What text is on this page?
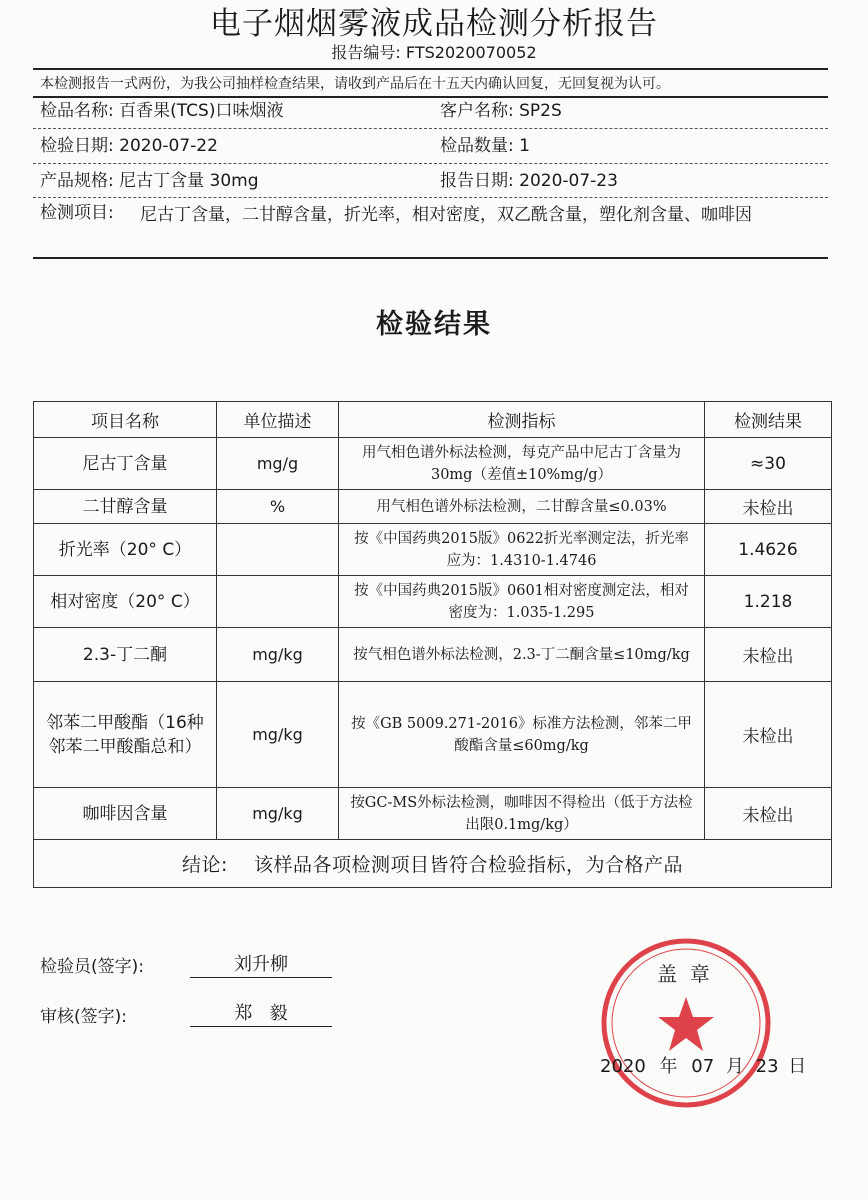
电子烟烟雾液成品检测分析报告
报告编号: FTS2020070052
本检测报告一式两份，为我公司抽样检查结果，请收到产品后在十五天内确认回复，无回复视为认可。
检品名称: 百香果(TCS)口味烟液	客户名称: SP2S
检验日期: 2020-07-22	检品数量: 1
产品规格: 尼古丁含量 30mg	报告日期: 2020-07-23
检测项目: 尼古丁含量，二甘醇含量，折光率，相对密度，双乙酰含量，塑化剂含量、咖啡因
检验结果
项目名称	单位描述	检测指标	检测结果
尼古丁含量	mg/g	用气相色谱外标法检测，每克产品中尼古丁含量为30mg（差值±10%mg/g）	≈30
二甘醇含量	%	用气相色谱外标法检测，二甘醇含量≤0.03%	未检出
折光率（20° C）		按《中国药典2015版》0622折光率测定法，折光率应为：1.4310-1.4746	1.4626
相对密度（20° C）		按《中国药典2015版》0601相对密度测定法，相对密度为：1.035-1.295	1.218
2.3-丁二酮	mg/kg	按气相色谱外标法检测，2.3-丁二酮含量≤10mg/kg	未检出
邻苯二甲酸酯（16种邻苯二甲酸酯总和）	mg/kg	按《GB 5009.271-2016》标准方法检测，邻苯二甲酸酯含量≤60mg/kg	未检出
咖啡因含量	mg/kg	按GC-MS外标法检测，咖啡因不得检出（低于方法检出限0.1mg/kg）	未检出
结论: 该样品各项检测项目皆符合检验指标，为合格产品			
检验员(签字):	刘升柳
审核(签字):	郑   毅
盖  章
2020 年 07 月 23 日
